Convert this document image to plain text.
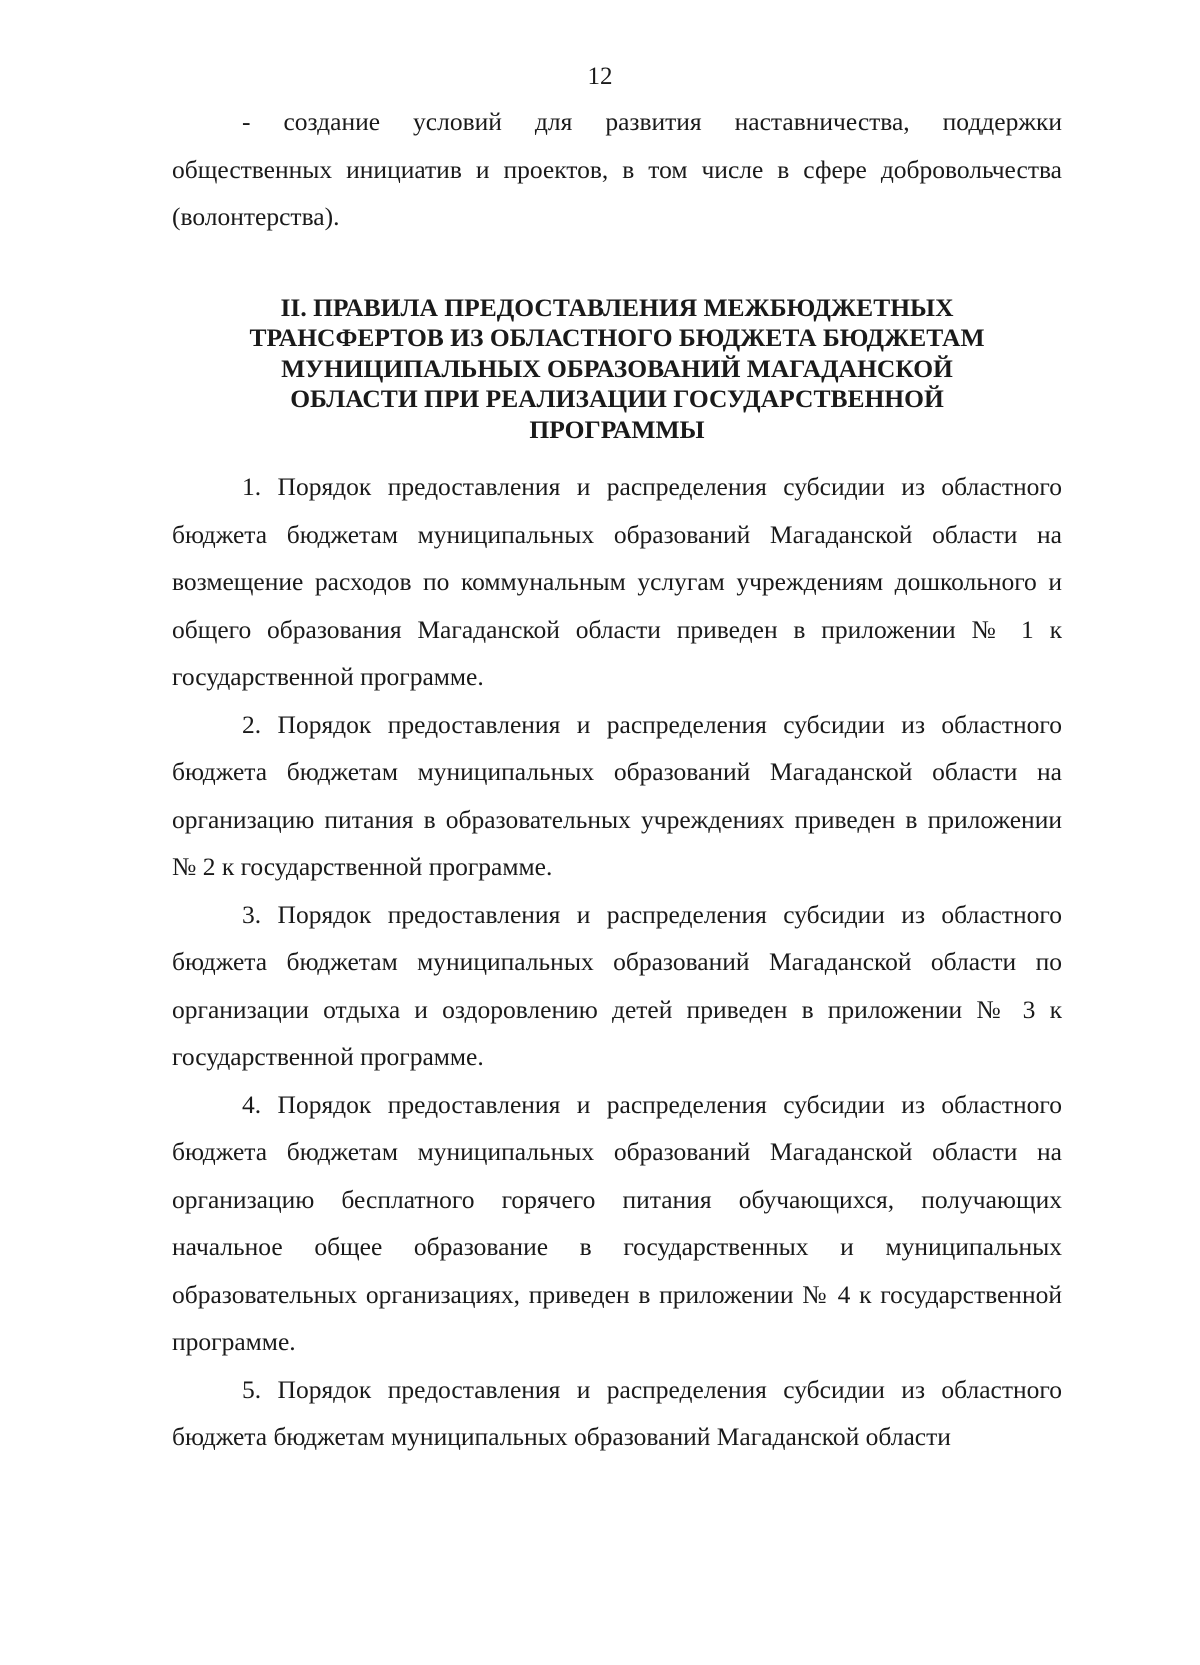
12

- создание условий для развития наставничества, поддержки общественных инициатив и проектов, в том числе в сфере добровольчества (волонтерства).

II. ПРАВИЛА ПРЕДОСТАВЛЕНИЯ МЕЖБЮДЖЕТНЫХ
ТРАНСФЕРТОВ ИЗ ОБЛАСТНОГО БЮДЖЕТА БЮДЖЕТАМ
МУНИЦИПАЛЬНЫХ ОБРАЗОВАНИЙ МАГАДАНСКОЙ
ОБЛАСТИ ПРИ РЕАЛИЗАЦИИ ГОСУДАРСТВЕННОЙ
ПРОГРАММЫ

1. Порядок предоставления и распределения субсидии из областного бюджета бюджетам муниципальных образований Магаданской области на возмещение расходов по коммунальным услугам учреждениям дошкольного и общего образования Магаданской области приведен в приложении № 1 к государственной программе.

2. Порядок предоставления и распределения субсидии из областного бюджета бюджетам муниципальных образований Магаданской области на организацию питания в образовательных учреждениях приведен в приложении № 2 к государственной программе.

3. Порядок предоставления и распределения субсидии из областного бюджета бюджетам муниципальных образований Магаданской области по организации отдыха и оздоровлению детей приведен в приложении № 3 к государственной программе.

4. Порядок предоставления и распределения субсидии из областного бюджета бюджетам муниципальных образований Магаданской области на организацию бесплатного горячего питания обучающихся, получающих начальное общее образование в государственных и муниципальных образовательных организациях, приведен в приложении № 4 к государственной программе.

5. Порядок предоставления и распределения субсидии из областного бюджета бюджетам муниципальных образований Магаданской области
